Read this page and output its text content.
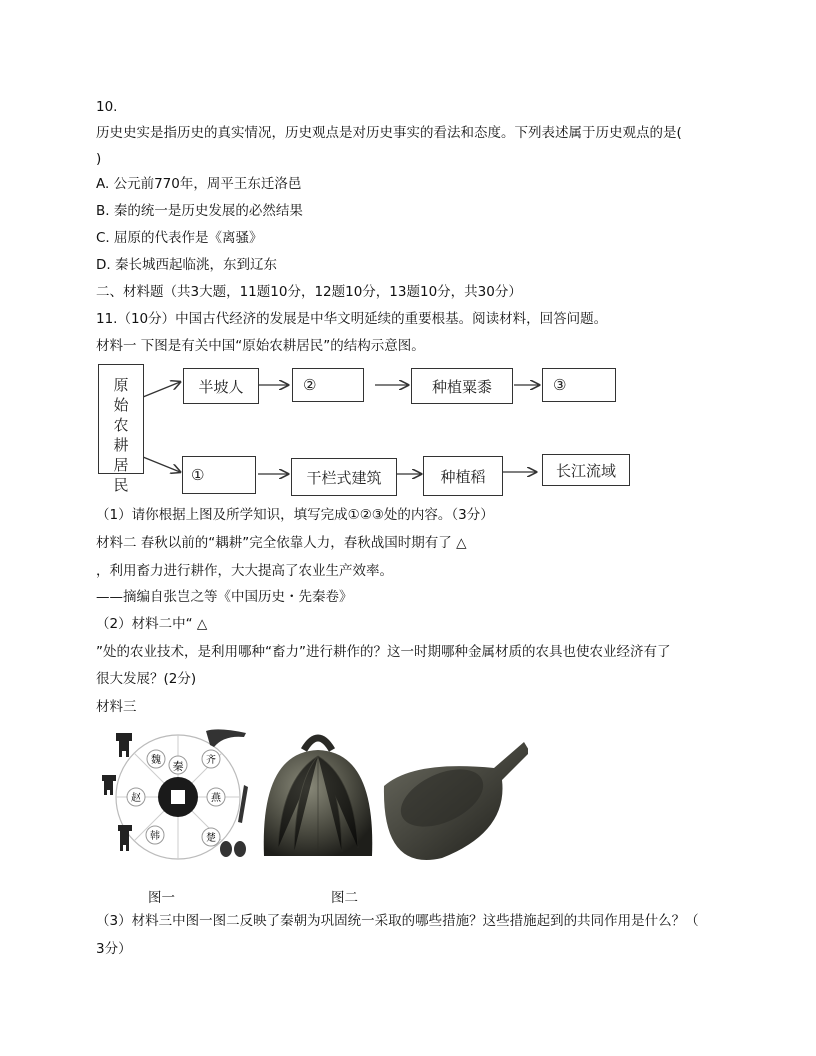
10.
历史史实是指历史的真实情况，历史观点是对历史事实的看法和态度。下列表述属于历史观点的是(
)
A. 公元前770年，周平王东迁洛邑
B. 秦的统一是历史发展的必然结果
C. 屈原的代表作是《离骚》
D. 秦长城西起临洮，东到辽东
二、材料题（共3大题，11题10分，12题10分，13题10分，共30分）
11.（10分）中国古代经济的发展是中华文明延续的重要根基。阅读材料，回答问题。
材料一 下图是有关中国“原始农耕居民”的结构示意图。
原始农耕居民
半坡人	②	种植粟黍	③
①	干栏式建筑	种植稻	长江流域
（1）请你根据上图及所学知识，填写完成①②③处的内容。（3分）
材料二 春秋以前的“耦耕”完全依靠人力，春秋战国时期有了 △
，利用畜力进行耕作，大大提高了农业生产效率。
——摘编自张岂之等《中国历史・先秦卷》
（2）材料二中“ △
”处的农业技术，是利用哪种“畜力”进行耕作的？这一时期哪种金属材质的农具也使农业经济有了
很大发展？(2分)
材料三
秦 齐
燕
楚
韩
赵
魏
图一	图二
（3）材料三中图一图二反映了秦朝为巩固统一采取的哪些措施？这些措施起到的共同作用是什么？（
3分）
